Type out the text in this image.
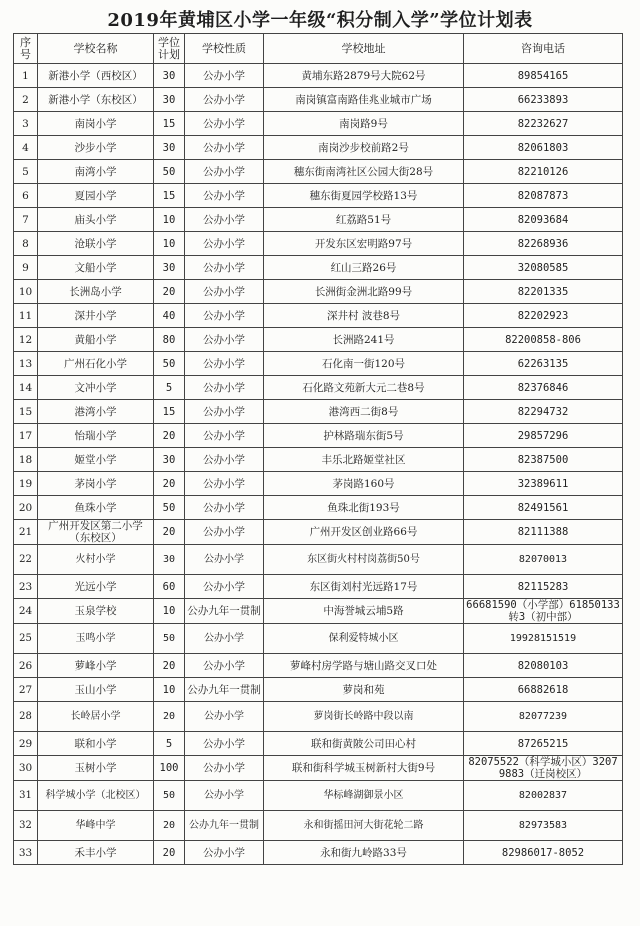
2019年黄埔区小学一年级“积分制入学”学位计划表
序号	学校名称	学位计划	学校性质	学校地址	咨询电话
1	新港小学（西校区）	30	公办小学	黄埔东路2879号大院62号	89854165
2	新港小学（东校区）	30	公办小学	南岗镇富南路佳兆业城市广场	66233893
3	南岗小学	15	公办小学	南岗路9号	82232627
4	沙步小学	30	公办小学	南岗沙步校前路2号	82061803
5	南湾小学	50	公办小学	穗东街南湾社区公园大街28号	82210126
6	夏园小学	15	公办小学	穗东街夏园学校路13号	82087873
7	庙头小学	10	公办小学	红荔路51号	82093684
8	沧联小学	10	公办小学	开发东区宏明路97号	82268936
9	文船小学	30	公办小学	红山三路26号	32080585
10	长洲岛小学	20	公办小学	长洲街金洲北路99号	82201335
11	深井小学	40	公办小学	深井村 波巷8号	82202923
12	黄船小学	80	公办小学	长洲路241号	82200858-806
13	广州石化小学	50	公办小学	石化南一街120号	62263135
14	文冲小学	5	公办小学	石化路文苑新大元二巷8号	82376846
15	港湾小学	15	公办小学	港湾西二街8号	82294732
17	怡瑞小学	20	公办小学	护林路瑞东街5号	29857296
18	姬堂小学	30	公办小学	丰乐北路姬堂社区	82387500
19	茅岗小学	20	公办小学	茅岗路160号	32389611
20	鱼珠小学	50	公办小学	鱼珠北街193号	82491561
21	广州开发区第二小学（东校区）	20	公办小学	广州开发区创业路66号	82111388
22	火村小学	30	公办小学	东区街火村村岗荔街50号	82070013
23	光远小学	60	公办小学	东区街刘村光远路17号	82115283
24	玉泉学校	10	公办九年一贯制	中海誉城云埔5路	66681590（小学部）61850133转3（初中部）
25	玉鸣小学	50	公办小学	保利爱特城小区	19928151519
26	萝峰小学	20	公办小学	萝峰村房学路与塘山路交叉口处	82080103
27	玉山小学	10	公办九年一贯制	萝岗和苑	66882618
28	长岭居小学	20	公办小学	萝岗街长岭路中段以南	82077239
29	联和小学	5	公办小学	联和街黄陂公司田心村	87265215
30	玉树小学	100	公办小学	联和街科学城玉树新村大街9号	82075522（科学城小区）32079883（迁岗校区）
31	科学城小学（北校区）	50	公办小学	华标峰湖御景小区	82002837
32	华峰中学	20	公办九年一贯制	永和街摇田河大街花轮二路	82973583
33	禾丰小学	20	公办小学	永和街九岭路33号	82986017-8052
